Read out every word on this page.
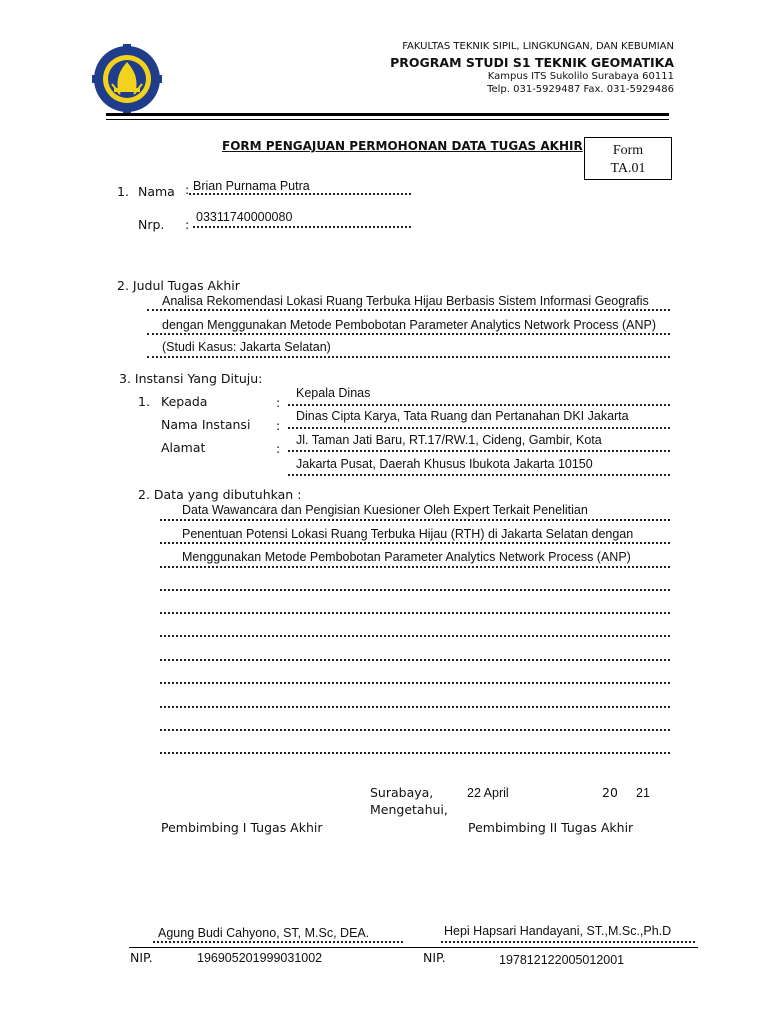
FAKULTAS TEKNIK SIPIL, LINGKUNGAN, DAN KEBUMIAN
PROGRAM STUDI S1 TEKNIK GEOMATIKA
Kampus ITS Sukolilo Surabaya 60111
Telp. 031-5929487 Fax. 031-5929486
FORM PENGAJUAN PERMOHONAN DATA TUGAS AKHIR	Form
TA.01
1. Nama : Brian Purnama Putra
Nrp. : 03311740000080
2. Judul Tugas Akhir
Analisa Rekomendasi Lokasi Ruang Terbuka Hijau Berbasis Sistem Informasi Geografis
dengan Menggunakan Metode Pembobotan Parameter Analytics Network Process (ANP)
(Studi Kasus: Jakarta Selatan)
3. Instansi Yang Dituju:
1. Kepada	:
Kepala Dinas
Nama Instansi :
Dinas Cipta Karya, Tata Ruang dan Pertanahan DKI Jakarta
Alamat	:
Jl. Taman Jati Baru, RT.17/RW.1, Cideng, Gambir, Kota
Jakarta Pusat, Daerah Khusus Ibukota Jakarta 10150
2. Data yang dibutuhkan :
Data Wawancara dan Pengisian Kuesioner Oleh Expert Terkait Penelitian
Penentuan Potensi Lokasi Ruang Terbuka Hijau (RTH) di Jakarta Selatan dengan
Menggunakan Metode Pembobotan Parameter Analytics Network Process (ANP)
Surabaya,	22 April	20 21
Mengetahui,
Pembimbing I Tugas Akhir	Pembimbing II Tugas Akhir
Agung Budi Cahyono, ST, M.Sc, DEA.	Hepi Hapsari Handayani, ST.,M.Sc.,Ph.D
NIP.	196905201999031002	NIP.	197812122005012001
